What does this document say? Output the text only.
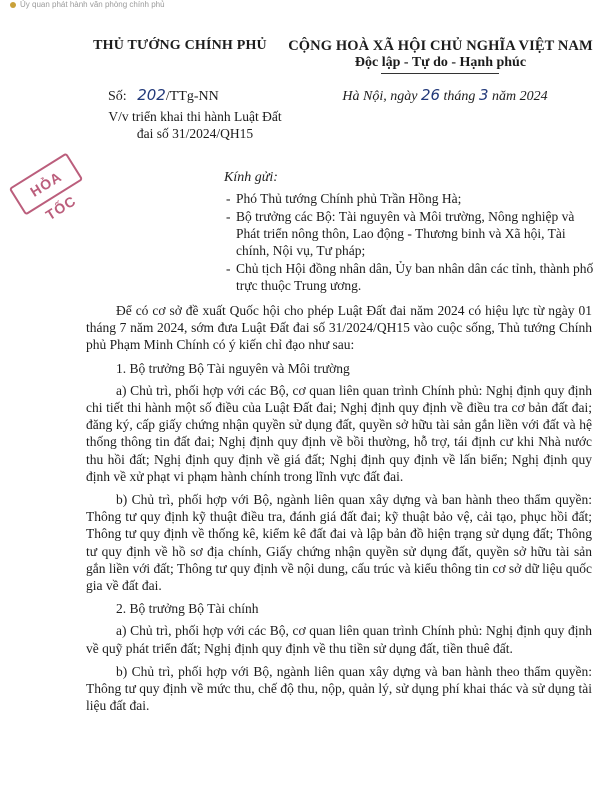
Ủy quan phát hành văn phòng chính phủ
THỦ TƯỚNG CHÍNH PHỦ	CỘNG HOÀ XÃ HỘI CHỦ NGHĨA VIỆT NAM
Độc lập - Tự do - Hạnh phúc
Số: 202/TTg-NN
V/v triển khai thi hành Luật Đất đai số 31/2024/QH15
Hà Nội, ngày 26 tháng 3 năm 2024
HỎA TỐC
Kính gửi:
- Phó Thủ tướng Chính phủ Trần Hồng Hà;
- Bộ trưởng các Bộ: Tài nguyên và Môi trường, Nông nghiệp và Phát triển nông thôn, Lao động - Thương binh và Xã hội, Tài chính, Nội vụ, Tư pháp;
- Chủ tịch Hội đồng nhân dân, Ủy ban nhân dân các tỉnh, thành phố trực thuộc Trung ương.

Để có cơ sở đề xuất Quốc hội cho phép Luật Đất đai năm 2024 có hiệu lực từ ngày 01 tháng 7 năm 2024, sớm đưa Luật Đất đai số 31/2024/QH15 vào cuộc sống, Thủ tướng Chính phủ Phạm Minh Chính có ý kiến chỉ đạo như sau:

1. Bộ trưởng Bộ Tài nguyên và Môi trường

a) Chủ trì, phối hợp với các Bộ, cơ quan liên quan trình Chính phủ: Nghị định quy định chi tiết thi hành một số điều của Luật Đất đai; Nghị định quy định về điều tra cơ bản đất đai; đăng ký, cấp giấy chứng nhận quyền sử dụng đất, quyền sở hữu tài sản gắn liền với đất và hệ thống thông tin đất đai; Nghị định quy định về bồi thường, hỗ trợ, tái định cư khi Nhà nước thu hồi đất; Nghị định quy định về giá đất; Nghị định quy định về lấn biển; Nghị định quy định về xử phạt vi phạm hành chính trong lĩnh vực đất đai.

b) Chủ trì, phối hợp với Bộ, ngành liên quan xây dựng và ban hành theo thẩm quyền: Thông tư quy định kỹ thuật điều tra, đánh giá đất đai; kỹ thuật bảo vệ, cải tạo, phục hồi đất; Thông tư quy định về thống kê, kiểm kê đất đai và lập bản đồ hiện trạng sử dụng đất; Thông tư quy định về hồ sơ địa chính, Giấy chứng nhận quyền sử dụng đất, quyền sở hữu tài sản gắn liền với đất; Thông tư quy định về nội dung, cấu trúc và kiểu thông tin cơ sở dữ liệu quốc gia về đất đai.

2. Bộ trưởng Bộ Tài chính

a) Chủ trì, phối hợp với các Bộ, cơ quan liên quan trình Chính phủ: Nghị định quy định về quỹ phát triển đất; Nghị định quy định về thu tiền sử dụng đất, tiền thuê đất.

b) Chủ trì, phối hợp với Bộ, ngành liên quan xây dựng và ban hành theo thẩm quyền: Thông tư quy định về mức thu, chế độ thu, nộp, quản lý, sử dụng phí khai thác và sử dụng tài liệu đất đai.
